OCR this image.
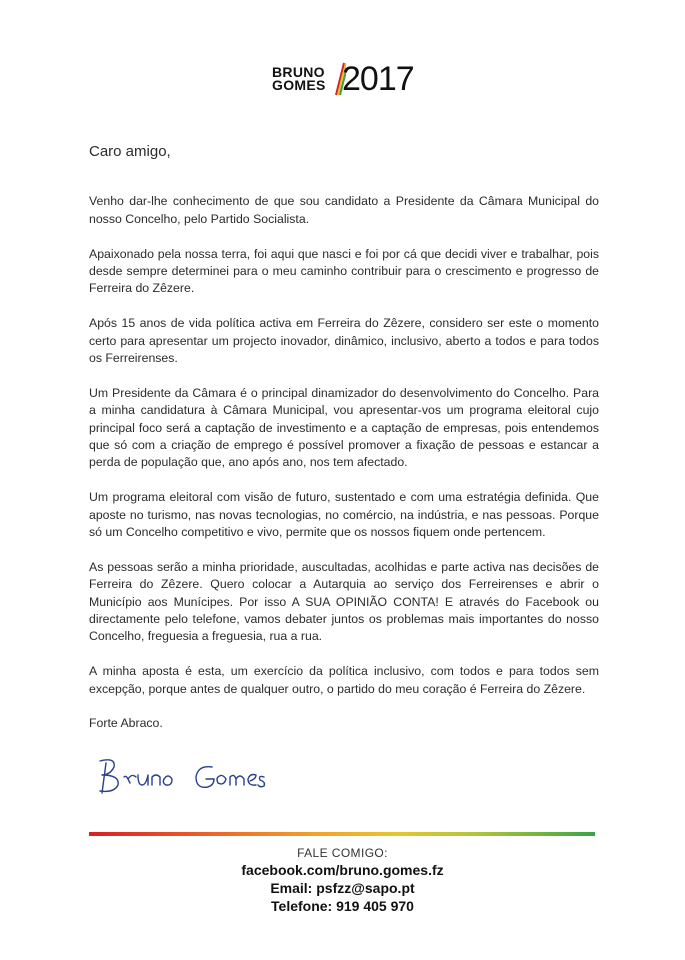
BRUNO
GOMES 2017

Caro amigo,

Venho dar-lhe conhecimento de que sou candidato a Presidente da Câmara Municipal do nosso Concelho, pelo Partido Socialista.

Apaixonado pela nossa terra, foi aqui que nasci e foi por cá que decidi viver e trabalhar, pois desde sempre determinei para o meu caminho contribuir para o crescimento e progresso de Ferreira do Zêzere.

Após 15 anos de vida política activa em Ferreira do Zêzere, considero ser este o momento certo para apresentar um projecto inovador, dinâmico, inclusivo, aberto a todos e para todos os Ferreirenses.

Um Presidente da Câmara é o principal dinamizador do desenvolvimento do Concelho. Para a minha candidatura à Câmara Municipal, vou apresentar-vos um programa eleitoral cujo principal foco será a captação de investimento e a captação de empresas, pois entendemos que só com a criação de emprego é possível promover a fixação de pessoas e estancar a perda de população que, ano após ano, nos tem afectado.

Um programa eleitoral com visão de futuro, sustentado e com uma estratégia definida. Que aposte no turismo, nas novas tecnologias, no comércio, na indústria, e nas pessoas. Porque só um Concelho competitivo e vivo, permite que os nossos fiquem onde pertencem.

As pessoas serão a minha prioridade, auscultadas, acolhidas e parte activa nas decisões de Ferreira do Zêzere. Quero colocar a Autarquia ao serviço dos Ferreirenses e abrir o Município aos Munícipes. Por isso A SUA OPINIÃO CONTA! E através do Facebook ou directamente pelo telefone, vamos debater juntos os problemas mais importantes do nosso Concelho, freguesia a freguesia, rua a rua.

A minha aposta é esta, um exercício da política inclusivo, com todos e para todos sem excepção, porque antes de qualquer outro, o partido do meu coração é Ferreira do Zêzere.

Forte Abraco.

FALE COMIGO:
facebook.com/bruno.gomes.fz
Email: psfzz@sapo.pt
Telefone: 919 405 970
